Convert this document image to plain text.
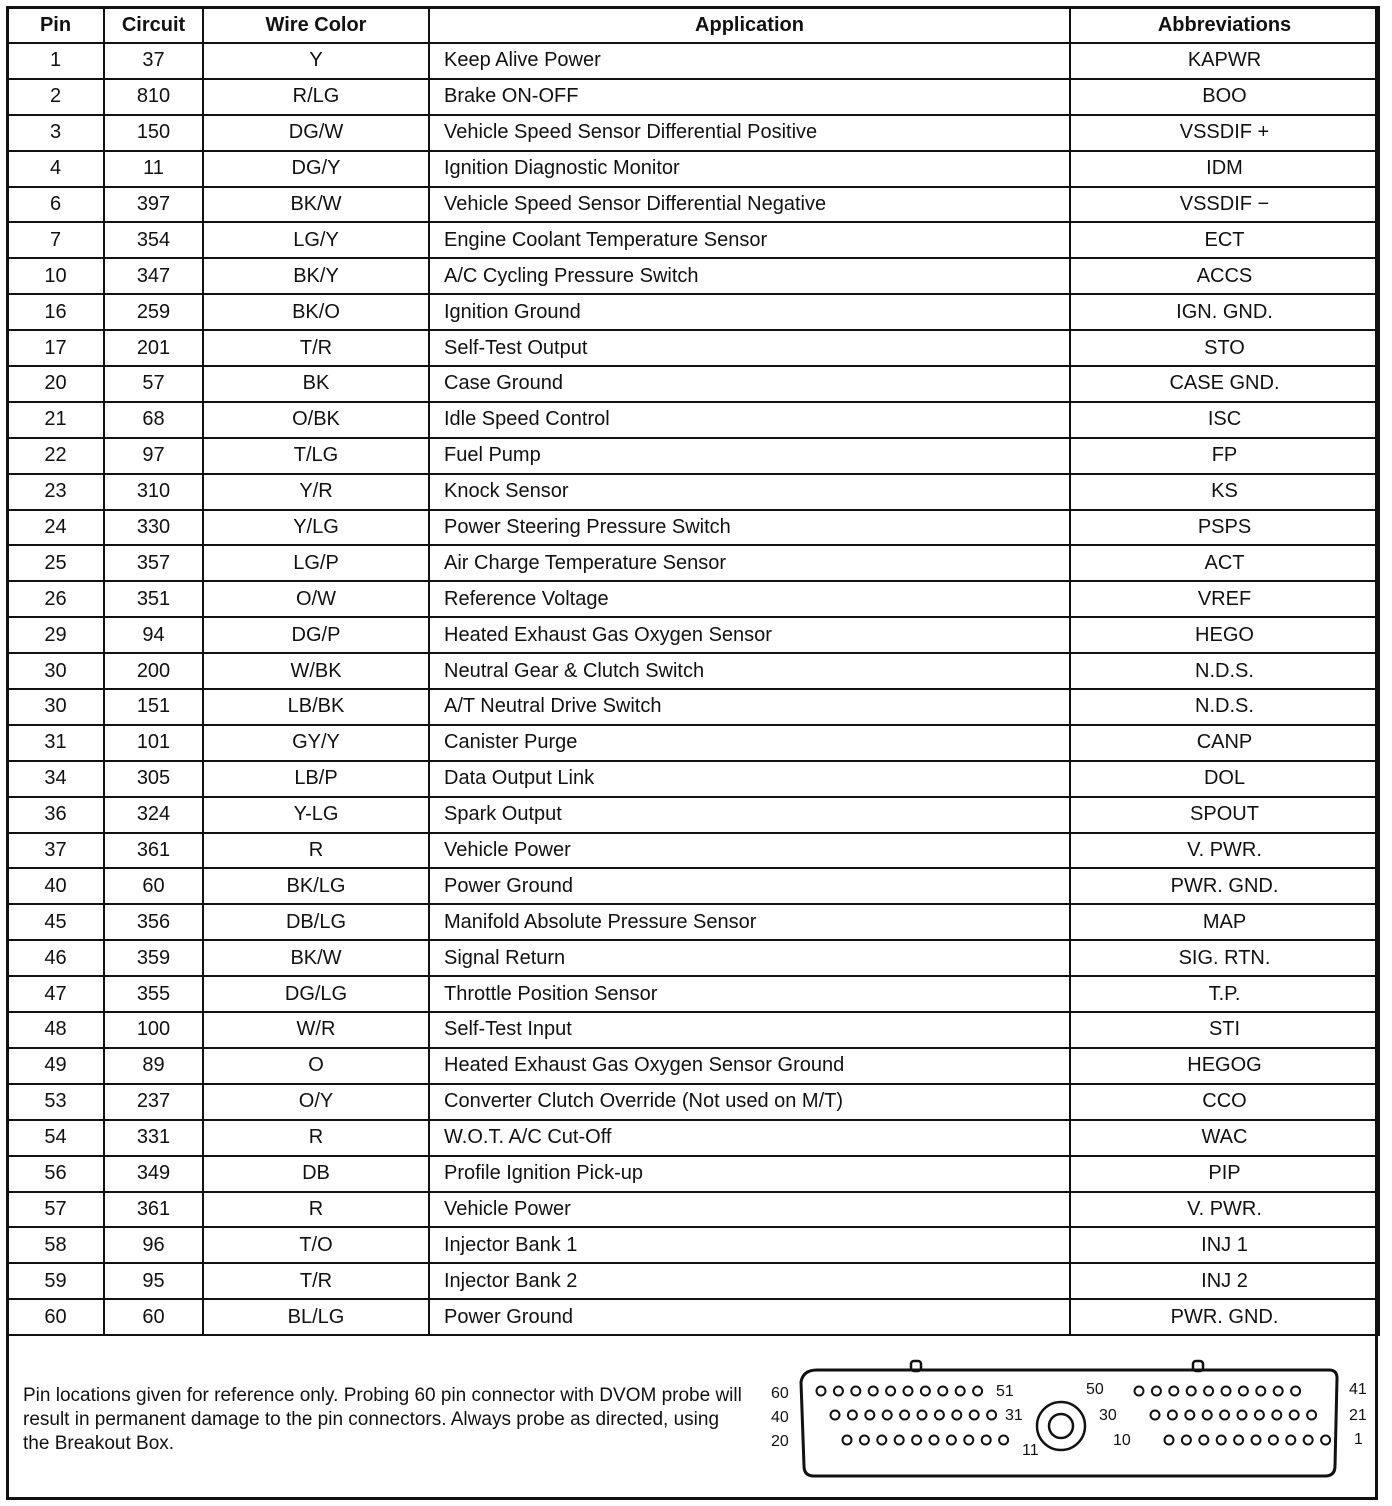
Pin	Circuit	Wire Color	Application	Abbreviations
1	37	Y	Keep Alive Power	KAPWR
2	810	R/LG	Brake ON-OFF	BOO
3	150	DG/W	Vehicle Speed Sensor Differential Positive	VSSDIF +
4	11	DG/Y	Ignition Diagnostic Monitor	IDM
6	397	BK/W	Vehicle Speed Sensor Differential Negative	VSSDIF −
7	354	LG/Y	Engine Coolant Temperature Sensor	ECT
10	347	BK/Y	A/C Cycling Pressure Switch	ACCS
16	259	BK/O	Ignition Ground	IGN. GND.
17	201	T/R	Self-Test Output	STO
20	57	BK	Case Ground	CASE GND.
21	68	O/BK	Idle Speed Control	ISC
22	97	T/LG	Fuel Pump	FP
23	310	Y/R	Knock Sensor	KS
24	330	Y/LG	Power Steering Pressure Switch	PSPS
25	357	LG/P	Air Charge Temperature Sensor	ACT
26	351	O/W	Reference Voltage	VREF
29	94	DG/P	Heated Exhaust Gas Oxygen Sensor	HEGO
30	200	W/BK	Neutral Gear & Clutch Switch	N.D.S.
30	151	LB/BK	A/T Neutral Drive Switch	N.D.S.
31	101	GY/Y	Canister Purge	CANP
34	305	LB/P	Data Output Link	DOL
36	324	Y-LG	Spark Output	SPOUT
37	361	R	Vehicle Power	V. PWR.
40	60	BK/LG	Power Ground	PWR. GND.
45	356	DB/LG	Manifold Absolute Pressure Sensor	MAP
46	359	BK/W	Signal Return	SIG. RTN.
47	355	DG/LG	Throttle Position Sensor	T.P.
48	100	W/R	Self-Test Input	STI
49	89	O	Heated Exhaust Gas Oxygen Sensor Ground	HEGOG
53	237	O/Y	Converter Clutch Override (Not used on M/T)	CCO
54	331	R	W.O.T. A/C Cut-Off	WAC
56	349	DB	Profile Ignition Pick-up	PIP
57	361	R	Vehicle Power	V. PWR.
58	96	T/O	Injector Bank 1	INJ 1
59	95	T/R	Injector Bank 2	INJ 2
60	60	BL/LG	Power Ground	PWR. GND.
Pin locations given for reference only. Probing 60 pin connector with DVOM probe will result in permanent damage to the pin connectors. Always probe as directed, using the Breakout Box.
60
40
20
41
21
1
51	50
31	30
11
10
